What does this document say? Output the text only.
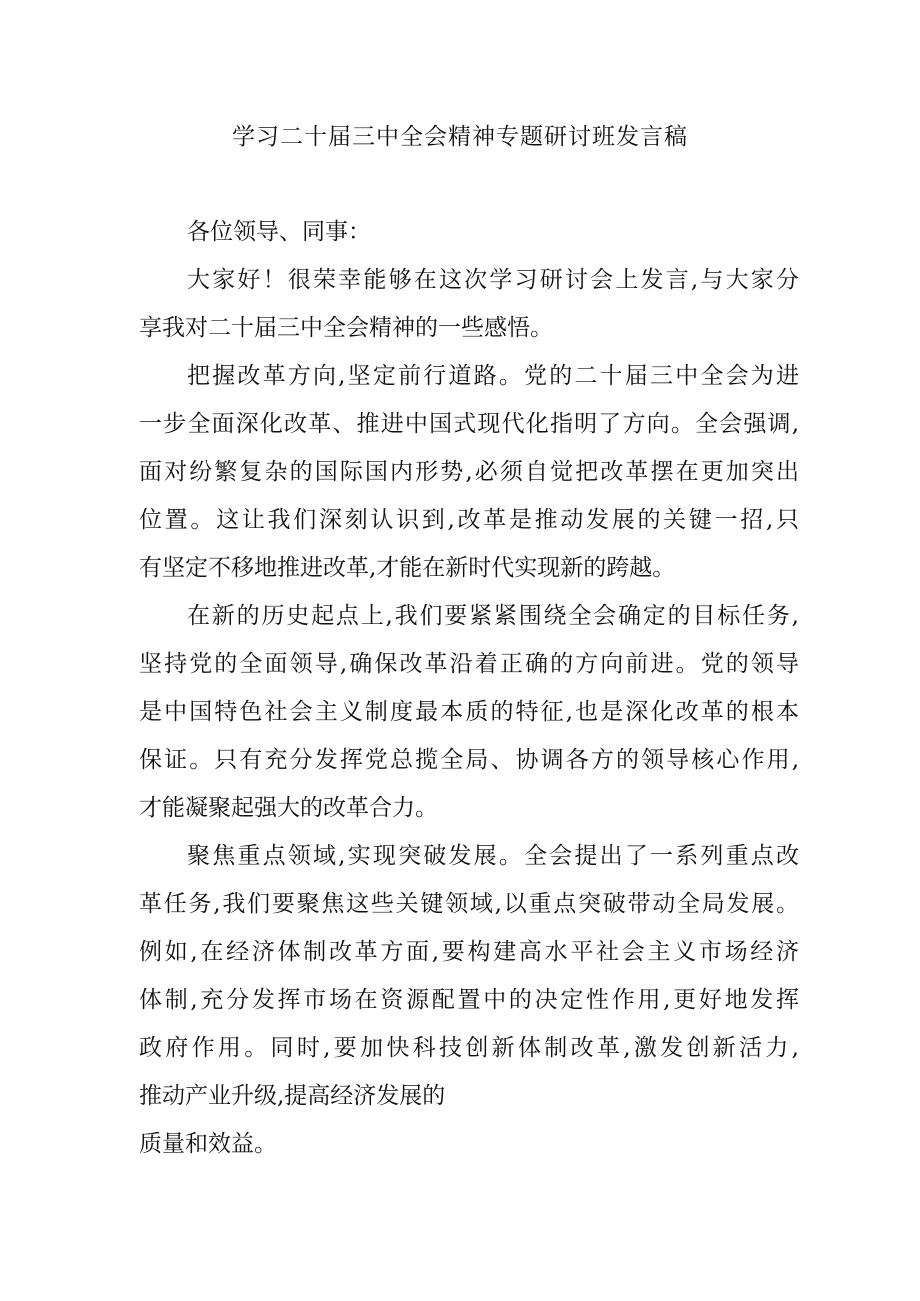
学习二十届三中全会精神专题研讨班发言稿
各位领导、同事：
大家好！很荣幸能够在这次学习研讨会上发言,与大家分
享我对二十届三中全会精神的一些感悟。
把握改革方向,坚定前行道路。党的二十届三中全会为进
一步全面深化改革、推进中国式现代化指明了方向。全会强调,
面对纷繁复杂的国际国内形势,必须自觉把改革摆在更加突出
位置。这让我们深刻认识到,改革是推动发展的关键一招,只
有坚定不移地推进改革,才能在新时代实现新的跨越。
在新的历史起点上,我们要紧紧围绕全会确定的目标任务,
坚持党的全面领导,确保改革沿着正确的方向前进。党的领导
是中国特色社会主义制度最本质的特征,也是深化改革的根本
保证。只有充分发挥党总揽全局、协调各方的领导核心作用,
才能凝聚起强大的改革合力。
聚焦重点领域,实现突破发展。全会提出了一系列重点改
革任务,我们要聚焦这些关键领域,以重点突破带动全局发展。
例如,在经济体制改革方面,要构建高水平社会主义市场经济
体制,充分发挥市场在资源配置中的决定性作用,更好地发挥
政府作用。同时,要加快科技创新体制改革,激发创新活力,
推动产业升级,提高经济发展的
质量和效益。
